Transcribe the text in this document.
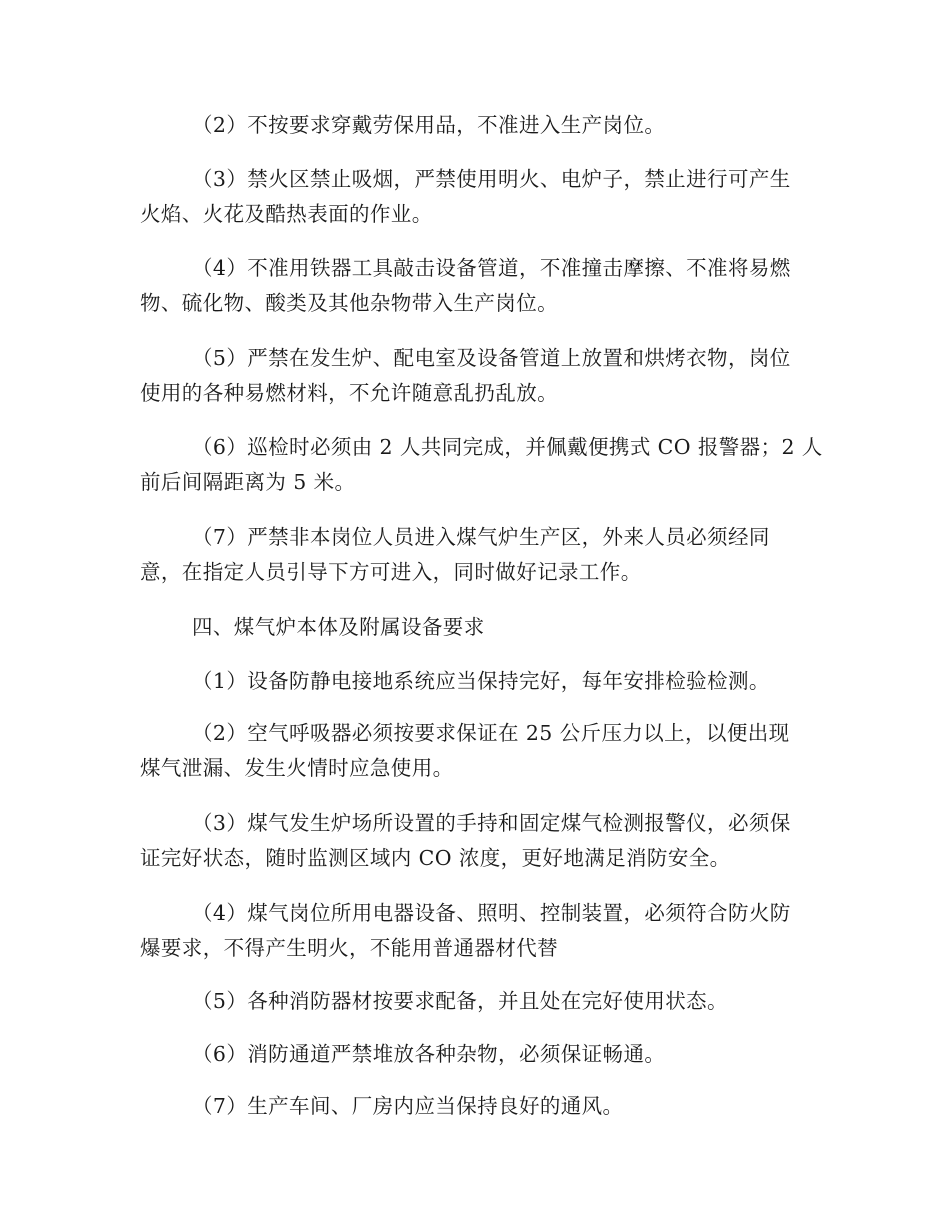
（2）不按要求穿戴劳保用品，不准进入生产岗位。

（3）禁火区禁止吸烟，严禁使用明火、电炉子，禁止进行可产生
火焰、火花及酷热表面的作业。

（4）不准用铁器工具敲击设备管道，不准撞击摩擦、不准将易燃
物、硫化物、酸类及其他杂物带入生产岗位。

（5）严禁在发生炉、配电室及设备管道上放置和烘烤衣物，岗位
使用的各种易燃材料，不允许随意乱扔乱放。

（6）巡检时必须由 2 人共同完成，并佩戴便携式 CO 报警器；2 人
前后间隔距离为 5 米。

（7）严禁非本岗位人员进入煤气炉生产区，外来人员必须经同
意，在指定人员引导下方可进入，同时做好记录工作。

四、煤气炉本体及附属设备要求

（1）设备防静电接地系统应当保持完好，每年安排检验检测。

（2）空气呼吸器必须按要求保证在 25 公斤压力以上，以便出现
煤气泄漏、发生火情时应急使用。

（3）煤气发生炉场所设置的手持和固定煤气检测报警仪，必须保
证完好状态，随时监测区域内 CO 浓度，更好地满足消防安全。

（4）煤气岗位所用电器设备、照明、控制装置，必须符合防火防
爆要求，不得产生明火，不能用普通器材代替

（5）各种消防器材按要求配备，并且处在完好使用状态。

（6）消防通道严禁堆放各种杂物，必须保证畅通。

（7）生产车间、厂房内应当保持良好的通风。
